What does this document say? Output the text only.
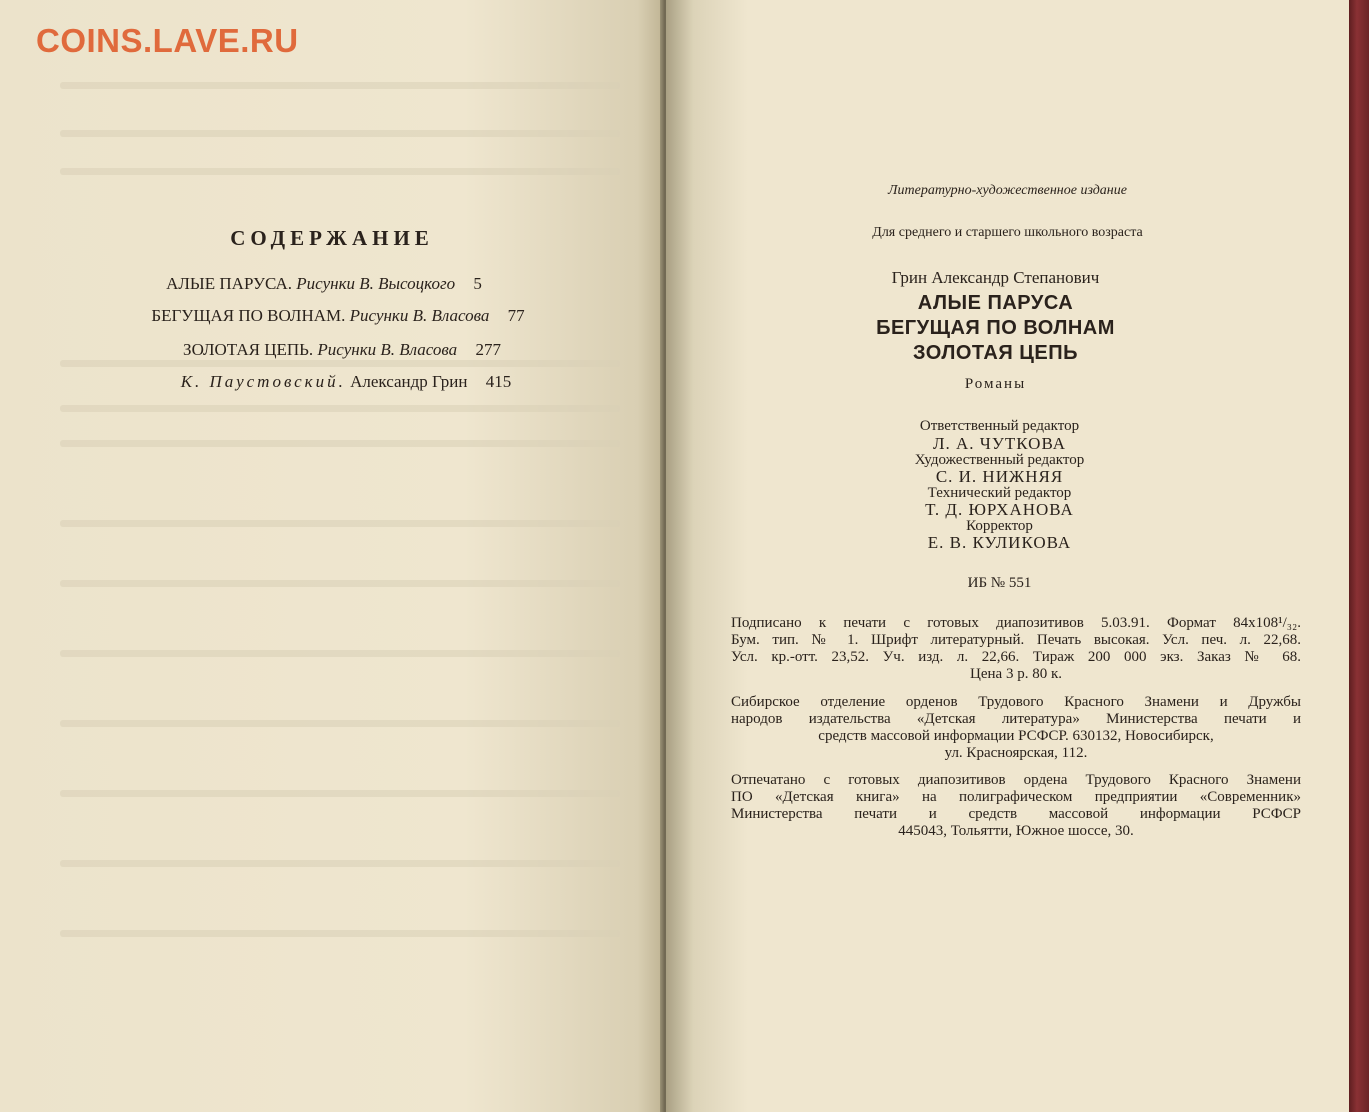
СОДЕРЖАНИЕ
АЛЫЕ ПАРУСА. Рисунки В. Высоцкого 5
БЕГУЩАЯ ПО ВОЛНАМ. Рисунки В. Власова 77
ЗОЛОТАЯ ЦЕПЬ. Рисунки В. Власова 277
К. Паустовский. Александр Грин 415
Литературно-художественное издание
Для среднего и старшего школьного возраста
Грин Александр Степанович
АЛЫЕ ПАРУСА
БЕГУЩАЯ ПО ВОЛНАМ
ЗОЛОТАЯ ЦЕПЬ
Романы
Ответственный редактор
Л. А. ЧУТКОВА
Художественный редактор
С. И. НИЖНЯЯ
Технический редактор
Т. Д. ЮРХАНОВА
Корректор
Е. В. КУЛИКОВА
ИБ № 551
Подписано к печати с готовых диапозитивов 5.03.91. Формат 84х108¹/₃₂.
Бум. тип. № 1. Шрифт литературный. Печать высокая. Усл. печ. л. 22,68.
Усл. кр.-отт. 23,52. Уч. изд. л. 22,66. Тираж 200 000 экз. Заказ № 68.
Цена 3 р. 80 к.
Сибирское отделение орденов Трудового Красного Знамени и Дружбы
народов издательства «Детская литература» Министерства печати и
средств массовой информации РСФСР. 630132, Новосибирск,
ул. Красноярская, 112.
Отпечатано с готовых диапозитивов ордена Трудового Красного Знамени
ПО «Детская книга» на полиграфическом предприятии «Современник»
Министерства печати и средств массовой информации РСФСР
445043, Тольятти, Южное шоссе, 30.
COINS.LAVE.RU
